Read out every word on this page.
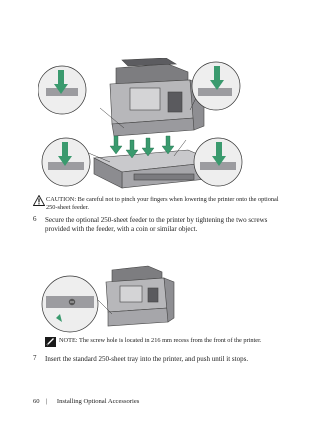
CAUTION: Be careful not to pinch your fingers when lowering the printer onto the optional 250-sheet feeder.
6 Secure the optional 250-sheet feeder to the printer by tightening the two screws provided with the feeder, with a coin or similar object.
NOTE: The screw hole is located in 216 mm recess from the front of the printer.
7 Insert the standard 250-sheet tray into the printer, and push until it stops.
60 | Installing Optional Accessories
